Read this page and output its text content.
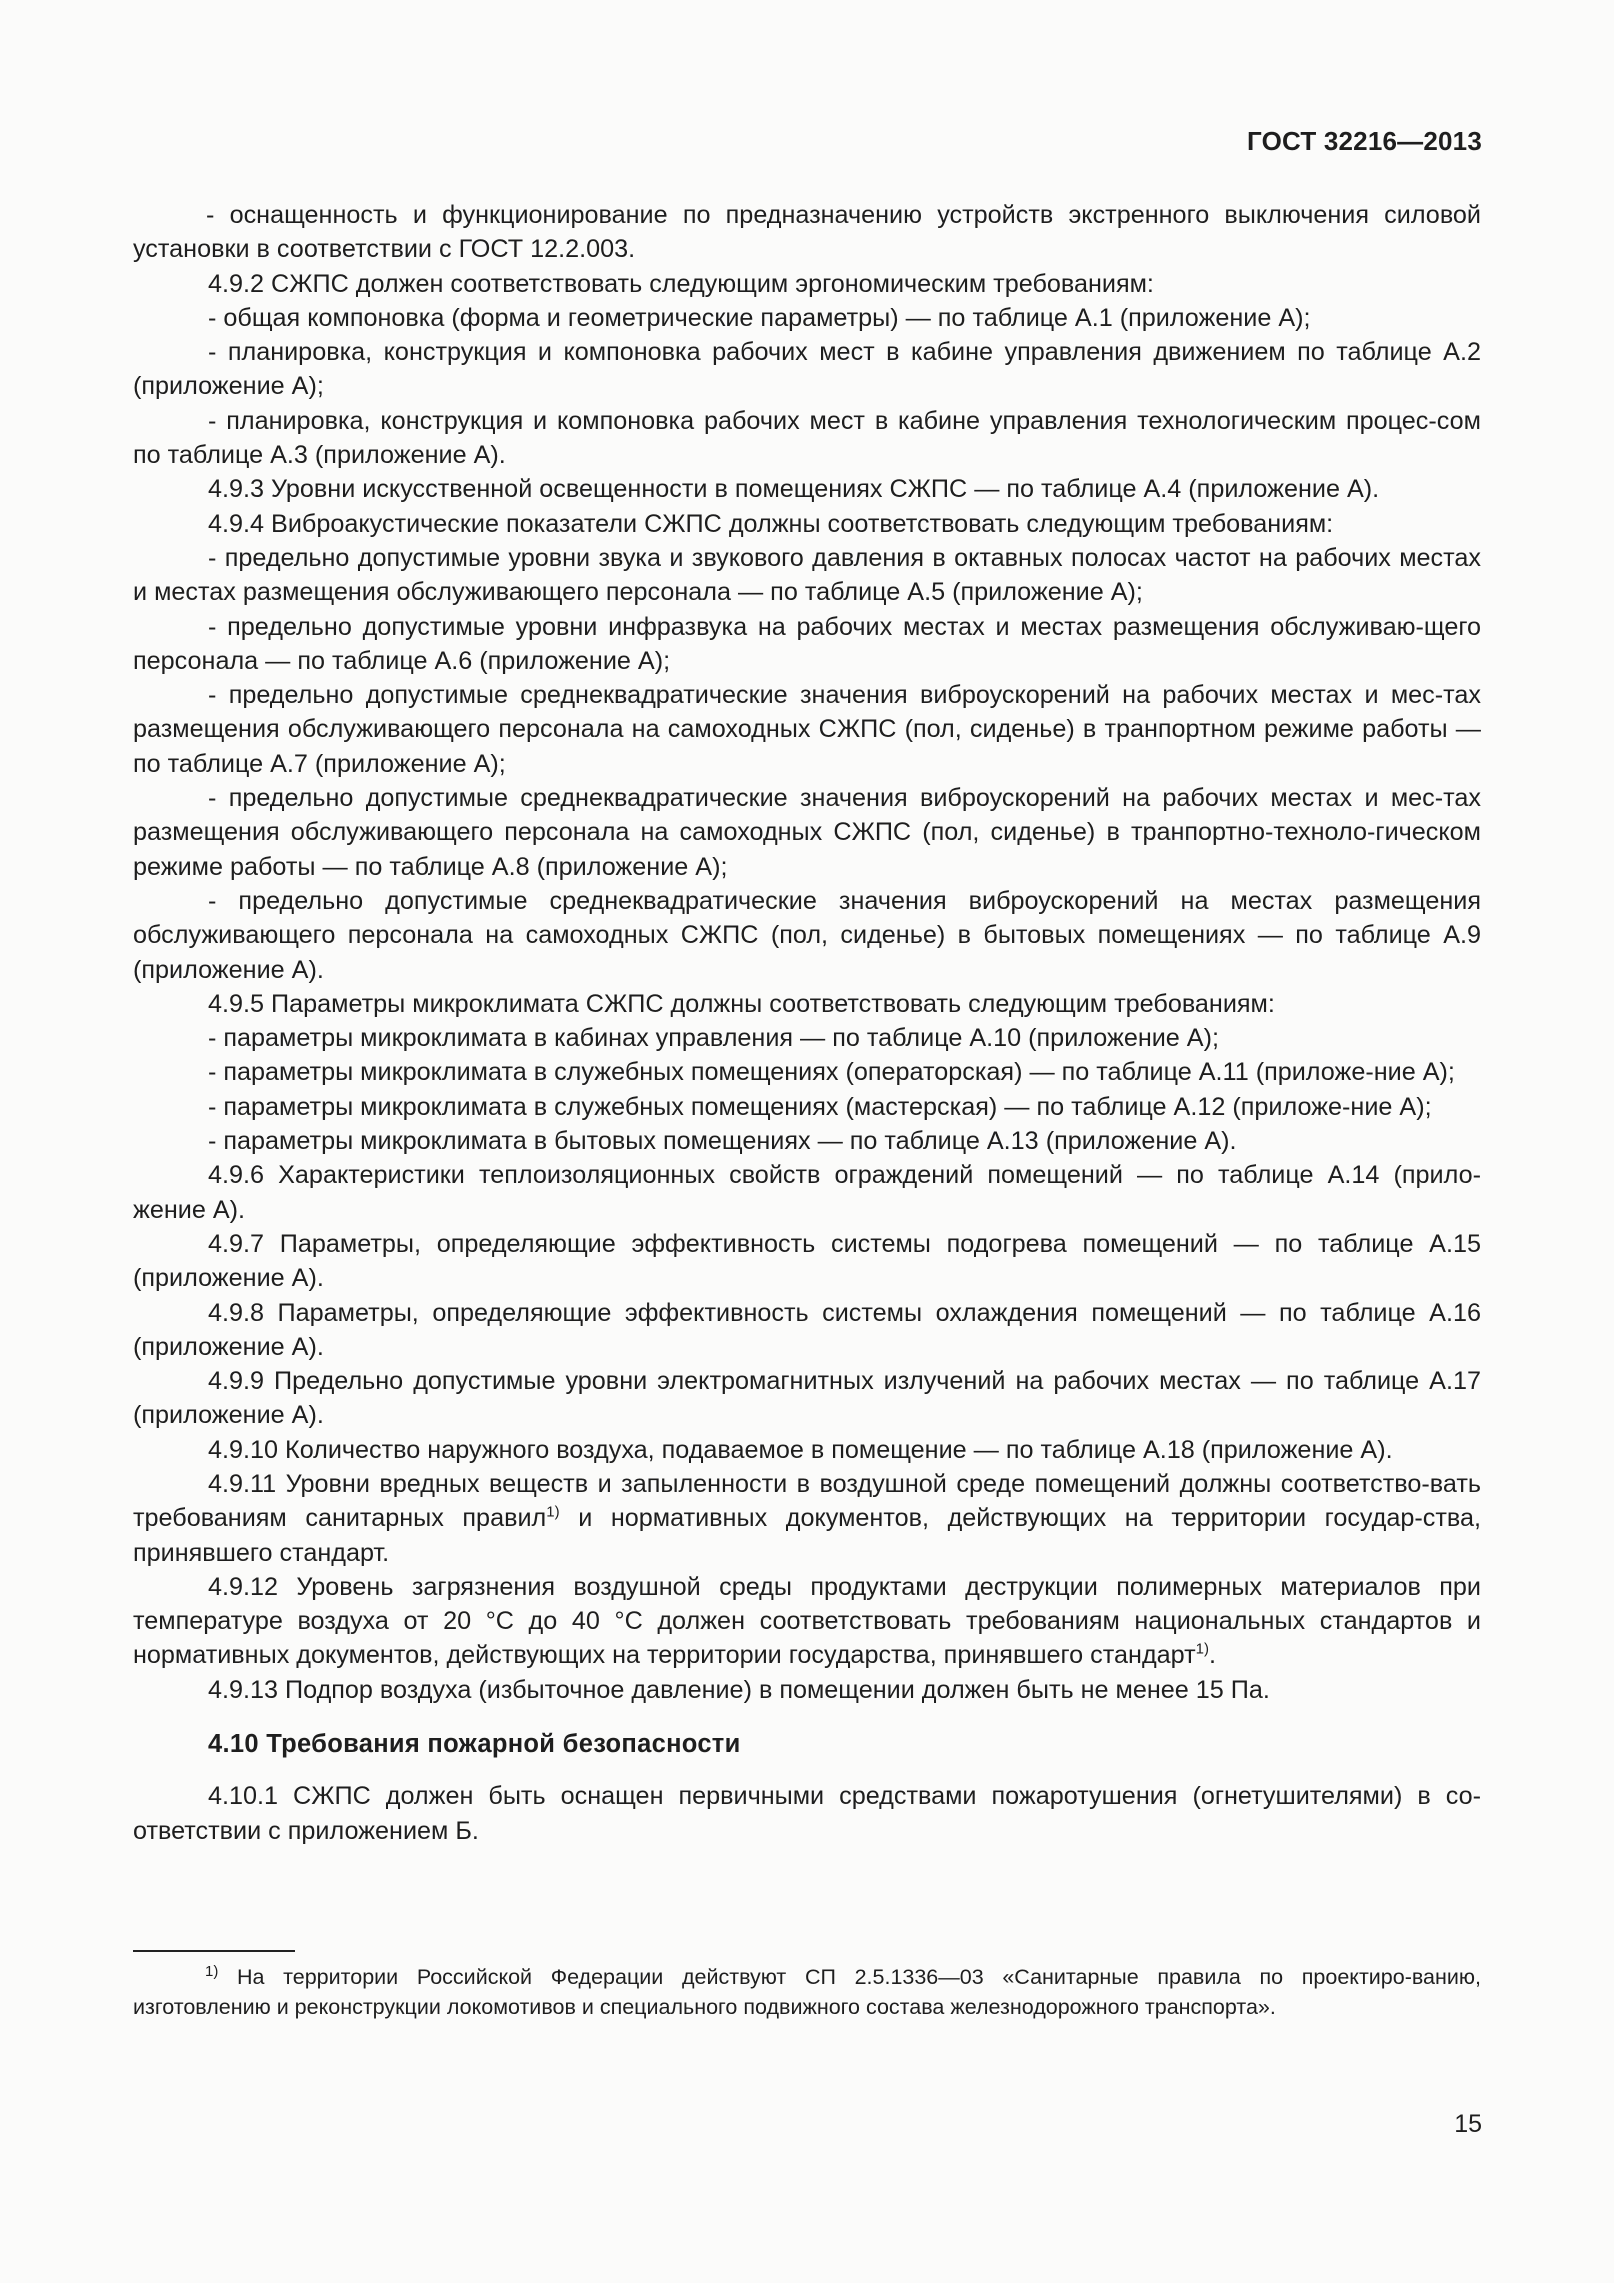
ГОСТ 32216—2013

- оснащенность и функционирование по предназначению устройств экстренного выключения силовой установки в соответствии с ГОСТ 12.2.003.

4.9.2 СЖПС должен соответствовать следующим эргономическим требованиям:

- общая компоновка (форма и геометрические параметры) — по таблице А.1 (приложение А);

- планировка, конструкция и компоновка рабочих мест в кабине управления движением по таблице А.2 (приложение А);

- планировка, конструкция и компоновка рабочих мест в кабине управления технологическим процес-сом по таблице А.3 (приложение А).

4.9.3 Уровни искусственной освещенности в помещениях СЖПС — по таблице А.4 (приложение А).

4.9.4 Виброакустические показатели СЖПС должны соответствовать следующим требованиям:

- предельно допустимые уровни звука и звукового давления в октавных полосах частот на рабочих местах и местах размещения обслуживающего персонала — по таблице А.5 (приложение А);

- предельно допустимые уровни инфразвука на рабочих местах и местах размещения обслуживаю-щего персонала — по таблице А.6 (приложение А);

- предельно допустимые среднеквадратические значения виброускорений на рабочих местах и мес-тах размещения обслуживающего персонала на самоходных СЖПС (пол, сиденье) в транпортном режиме работы — по таблице А.7 (приложение А);

- предельно допустимые среднеквадратические значения виброускорений на рабочих местах и мес-тах размещения обслуживающего персонала на самоходных СЖПС (пол, сиденье) в транпортно-техноло-гическом режиме работы — по таблице А.8 (приложение А);

- предельно допустимые среднеквадратические значения виброускорений на местах размещения обслуживающего персонала на самоходных СЖПС (пол, сиденье) в бытовых помещениях — по таблице А.9 (приложение А).

4.9.5 Параметры микроклимата СЖПС должны соответствовать следующим требованиям:

- параметры микроклимата в кабинах управления — по таблице А.10 (приложение А);

- параметры микроклимата в служебных помещениях (операторская) — по таблице А.11 (приложе-ние А);

- параметры микроклимата в служебных помещениях (мастерская) — по таблице А.12 (приложе-ние А);

- параметры микроклимата в бытовых помещениях — по таблице А.13 (приложение А).

4.9.6 Характеристики теплоизоляционных свойств ограждений помещений — по таблице А.14 (прило-жение А).

4.9.7 Параметры, определяющие эффективность системы подогрева помещений — по таблице А.15 (приложение А).

4.9.8 Параметры, определяющие эффективность системы охлаждения помещений — по таблице А.16 (приложение А).

4.9.9 Предельно допустимые уровни электромагнитных излучений на рабочих местах — по таблице А.17 (приложение А).

4.9.10 Количество наружного воздуха, подаваемое в помещение — по таблице А.18 (приложение А).

4.9.11 Уровни вредных веществ и запыленности в воздушной среде помещений должны соответство-вать требованиям санитарных правил$^{1)}$ и нормативных документов, действующих на территории государ-ства, принявшего стандарт.

4.9.12 Уровень загрязнения воздушной среды продуктами деструкции полимерных материалов при температуре воздуха от 20 °С до 40 °С должен соответствовать требованиям национальных стандартов и нормативных документов, действующих на территории государства, принявшего стандарт$^{1)}$.

4.9.13 Подпор воздуха (избыточное давление) в помещении должен быть не менее 15 Па.

4.10 Требования пожарной безопасности

4.10.1 СЖПС должен быть оснащен первичными средствами пожаротушения (огнетушителями) в со-ответствии с приложением Б.

$^{1)}$ На территории Российской Федерации действуют СП 2.5.1336—03 «Санитарные правила по проектиро-ванию, изготовлению и реконструкции локомотивов и специального подвижного состава железнодорожного транспорта».

15
